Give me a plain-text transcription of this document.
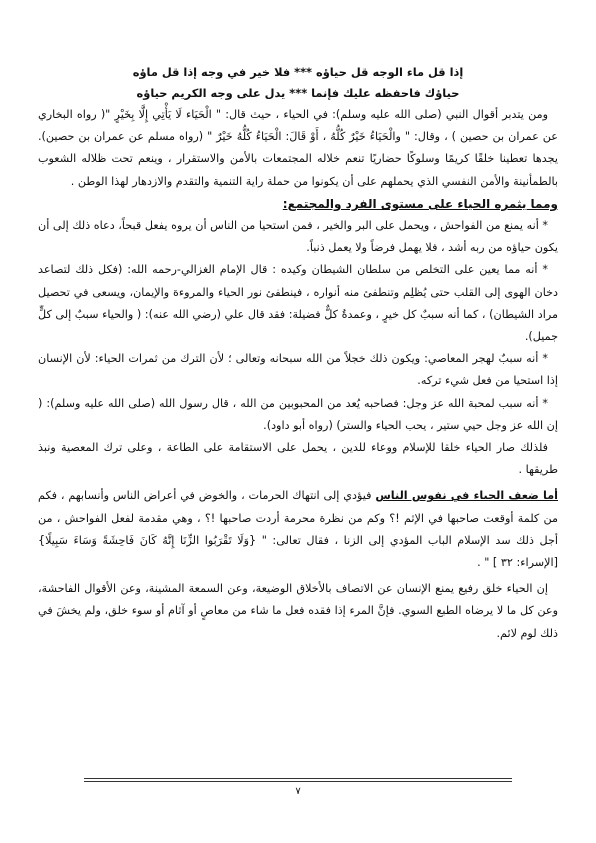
إذا قل ماء الوجه قل حياؤه *** فلا خير في وجه إذا قل ماؤه
حياؤك فاحفظه عليك فإنما *** يدل على وجه الكريم حياؤه

ومن يتدبر أقوال النبي (صلى الله عليه وسلم): في الحياء ، حيث قال: " الْحَيَاء لَا يَأْتِي إِلَّا بِخَيْرٍ "( رواه البخاري عن عمران بن حصين ) ، وقال: " والْحَيَاءُ خَيْرٌ كُلُّهُ ، أَوْ قَالَ: الْحَيَاءُ كُلُّهُ خَيْرٌ " (رواه مسلم عن عمران بن حصين). يجدها تعطينا خلقًا كريمًا وسلوكًا حضاريًا تنعم خلاله المجتمعات بالأمن والاستقرار ، وينعم تحت ظلاله الشعوب بالطمأنينة والأمن النفسي الذي يحملهم على أن يكونوا من حملة راية التنمية والتقدم والازدهار لهذا الوطن .

ومما يثمره الحياء على مستوى الفرد والمجتمع:

* أنه يمنع من الفواحش ، ويحمل على البر والخير ، فمن استحيا من الناس أن يروه يفعل قبحاً، دعاه ذلك إلى أن يكون حياؤه من ربه أشد ، فلا يهمل فرضاً ولا يعمل ذنباً.

* أنه مما يعين على التخلص من سلطان الشيطان وكيده : قال الإمام الغزالي-رحمه الله: (فكل ذلك لتصاعد دخان الهوى إلى القلب حتى يُظلِم وتنطفئ منه أنواره ، فينطفئ نور الحياء والمروءة والإيمان، ويسعى في تحصيل مراد الشيطان) ، كما أنه سببٌ كل خيرٍ ، وعمدةُ كلٌّ فضيلة: فقد قال علي (رضي الله عنه): ( والحياء سببٌ إلى كلٍّ جميل).

* أنه سببٌ لهجر المعاصي: ويكون ذلك خجلاً من الله سبحانه وتعالى ؛ لأن الترك من ثمرات الحياء: لأن الإنسان إذا استحيا من فعل شيء تركه.

* أنه سبب لمحبة الله عز وجل: فصاحبه يُعد من المحبوبين من الله ، قال رسول الله (صلى الله عليه وسلم): ( إن الله عز وجل حيي ستير ، يحب الحياء والستر) (رواه أبو داود).

فلذلك صار الحياء خلقا للإسلام ووعاء للدين ، يحمل على الاستقامة على الطاعة ، وعلى ترك المعصية ونبذ طريقها .

أما ضعف الحياء في نفوس الناس فيؤدي إلى انتهاك الحرمات ، والخوض في أعراض الناس وأنسابهم ، فكم من كلمة أوقعت صاحبها في الإثم !؟ وكم من نظرة محرمة أردت صاحبها !؟ ، وهي مقدمة لفعل الفواحش ، من أجل ذلك سد الإسلام الباب المؤدي إلى الزنا ، فقال تعالى: " {وَلَا تَقْرَبُوا الزِّنَا إِنَّهُ كَانَ فَاحِشَةً وَسَاءَ سَبِيلًا} [الإسراء: ٣٢ ] " .

إن الحياء خلق رفيع يمنع الإنسان عن الاتصاف بالأخلاق الوضيعة، وعن السمعة المشينة، وعن الأقوال الفاحشة، وعن كل ما لا يرضاه الطبع السوي. فإنَّ المرء إذا فقده فعل ما شاء من معاصٍ أو آثام أو سوء خلق، ولم يخشَ في ذلك لوم لائم.

٧
